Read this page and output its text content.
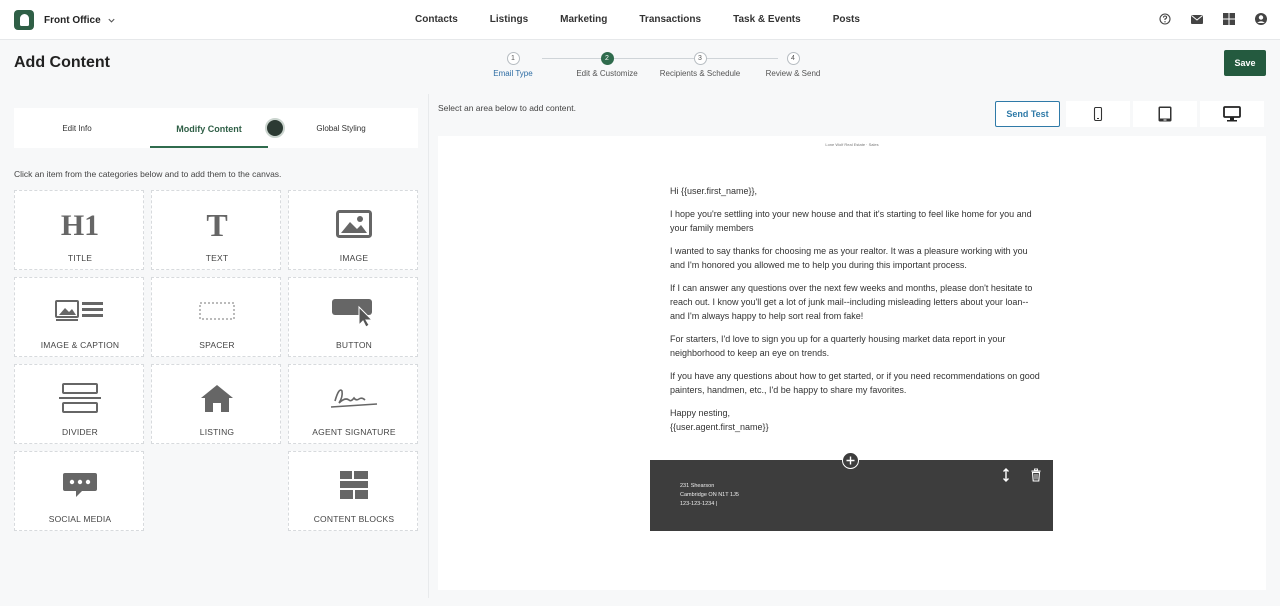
Front Office	Contacts	Listings	Marketing	Transactions	Task & Events	Posts
Add Content	1
Email Type
2
Edit & Customize
3
Recipients & Schedule
4
Review & Send
Save
Edit Info	Modify Content	Global Styling
Click an item from the categories below and to add them to the canvas.
H1
TITLE
T
TEXT	IMAGE
IMAGE & CAPTION	SPACER	BUTTON
DIVIDER	LISTING	AGENT SIGNATURE
SOCIAL MEDIA	CONTENT BLOCKS
Select an area below to add content.
Send Test
Lone Wolf Real Estate · Sales

Hi {{user.first_name}},

I hope you're settling into your new house and that it's starting to feel like home for you and your family members

I wanted to say thanks for choosing me as your realtor. It was a pleasure working with you and I'm honored you allowed me to help you during this important process.

If I can answer any questions over the next few weeks and months, please don't hesitate to reach out. I know you'll get a lot of junk mail--including misleading letters about your loan--and I'm always happy to help sort real from fake!

For starters, I'd love to sign you up for a quarterly housing market data report in your neighborhood to keep an eye on trends.

If you have any questions about how to get started, or if you need recommendations on good painters, handmen, etc., I'd be happy to share my favorites.

Happy nesting,
{{user.agent.first_name}}
231 Shearson
Cambridge ON N1T 1J5
123-123-1234 |
